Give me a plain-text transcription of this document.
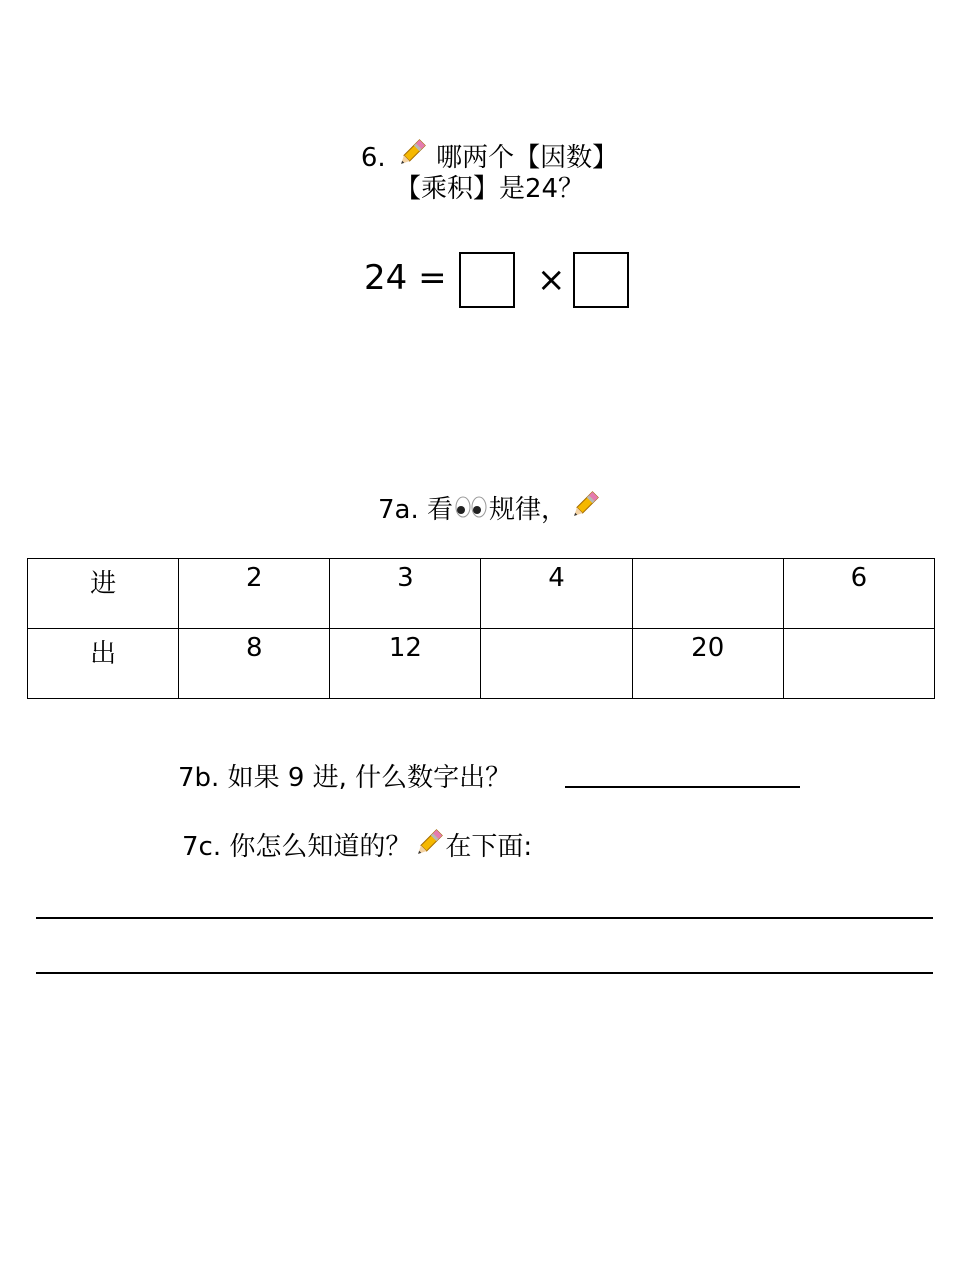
6. 哪两个【因数】
【乘积】是24？
24 =	×
7a. 看 规律，
进	2	3	4		6
出	8	12		20	
7b. 如果 9 进, 什么数字出？
7c. 你怎么知道的？ 在下面:
